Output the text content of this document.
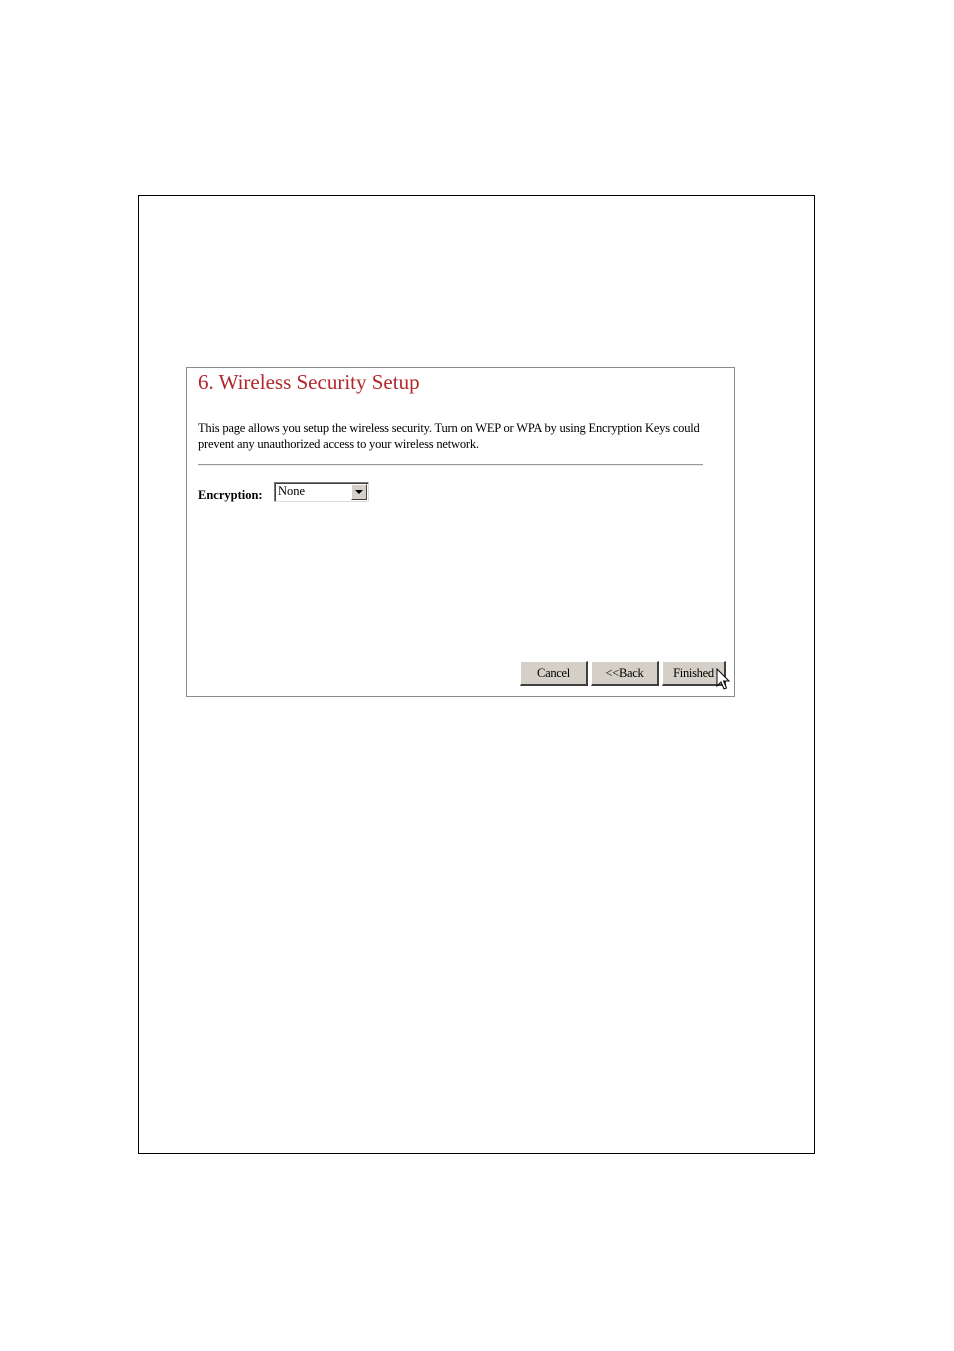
6. Wireless Security Setup
This page allows you setup the wireless security. Turn on WEP or WPA by using Encryption Keys could prevent any unauthorized access to your wireless network.
Encryption: None
Cancel	<<Back	Finished
